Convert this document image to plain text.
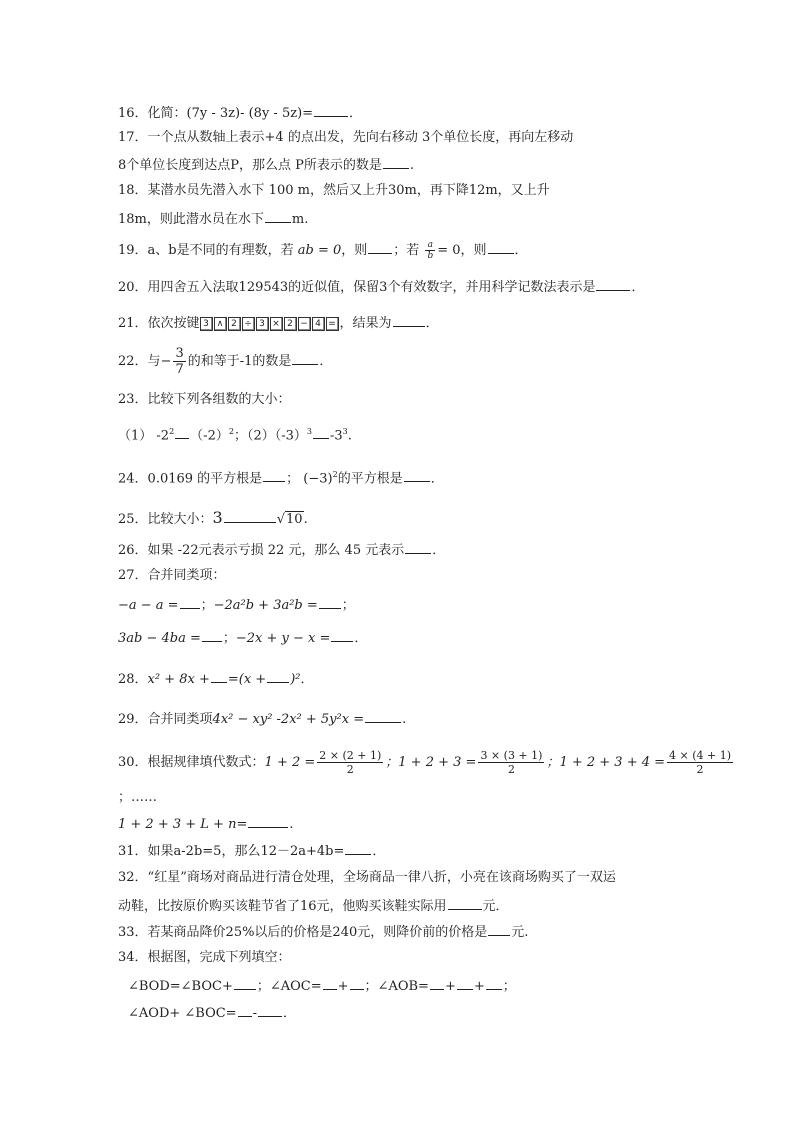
16．化简：(7y - 3z)- (8y - 5z)=	．
17．一个点从数轴上表示+4 的点出发，先向右移动 3个单位长度，再向左移动
8个单位长度到达点P，那么点 P所表示的数是 .
18．某潜水员先潜入水下 100 m，然后又上升30m，再下降12m，又上升
18m，则此潜水员在水下 m.
19．a、b是不同的有理数，若 ab = 0，则 ；若 $\frac{a}{b} = 0$，则 ．
20．用四舍五入法取129543的近似值，保留3个有效数字，并用科学记数法表示是	．
21．依次按键 3 ∧ 2 ÷ 3 × 2 − 4 = ，结果为	．
22．与− $\frac{3}{7}$ 的和等于-1的数是 ．
23．比较下列各组数的大小：
（1） $-2^2$ $(-2)^2$；$(2)(-3)^3$ $-3^3$.
24．0.0169 的平方根是 ； $(-3)^2$的平方根是 ．
25．比较大小：3	√10.
26．如果 -22元表示亏损 22 元，那么 45 元表示 ．
27．合并同类项：
−a − a = ；−2a²b + 3a²b = ；
3ab − 4ba = ；−2x + y − x = ．
28．x² + 8x + =(x + )²．
29．合并同类项4x² − xy² -2x² + 5y²x =	.
30．根据规律填代数式：$1 + 2 = \frac{2 \times (2 + 1)}{2}$ ；$1 + 2 + 3 = \frac{3 \times (3 + 1)}{2}$ ；$1 + 2 + 3 + 4 = \frac{4 \times (4 + 1)}{2}$
；……
1 + 2 + 3 + L + n=	.
31．如果a-2b=5，那么12－2a+4b= ．
32．“红星”商场对商品进行清仓处理，全场商品一律八折，小亮在该商场购买了一双运
动鞋，比按原价购买该鞋节省了16元，他购买该鞋实际用	元．
33．若某商品降价25%以后的价格是240元，则降价前的价格是 元.
34．根据图，完成下列填空：
∠BOD=∠BOC+ ；∠AOC= + ；∠AOB= + + ；
∠AOD+ ∠BOC= - ．
